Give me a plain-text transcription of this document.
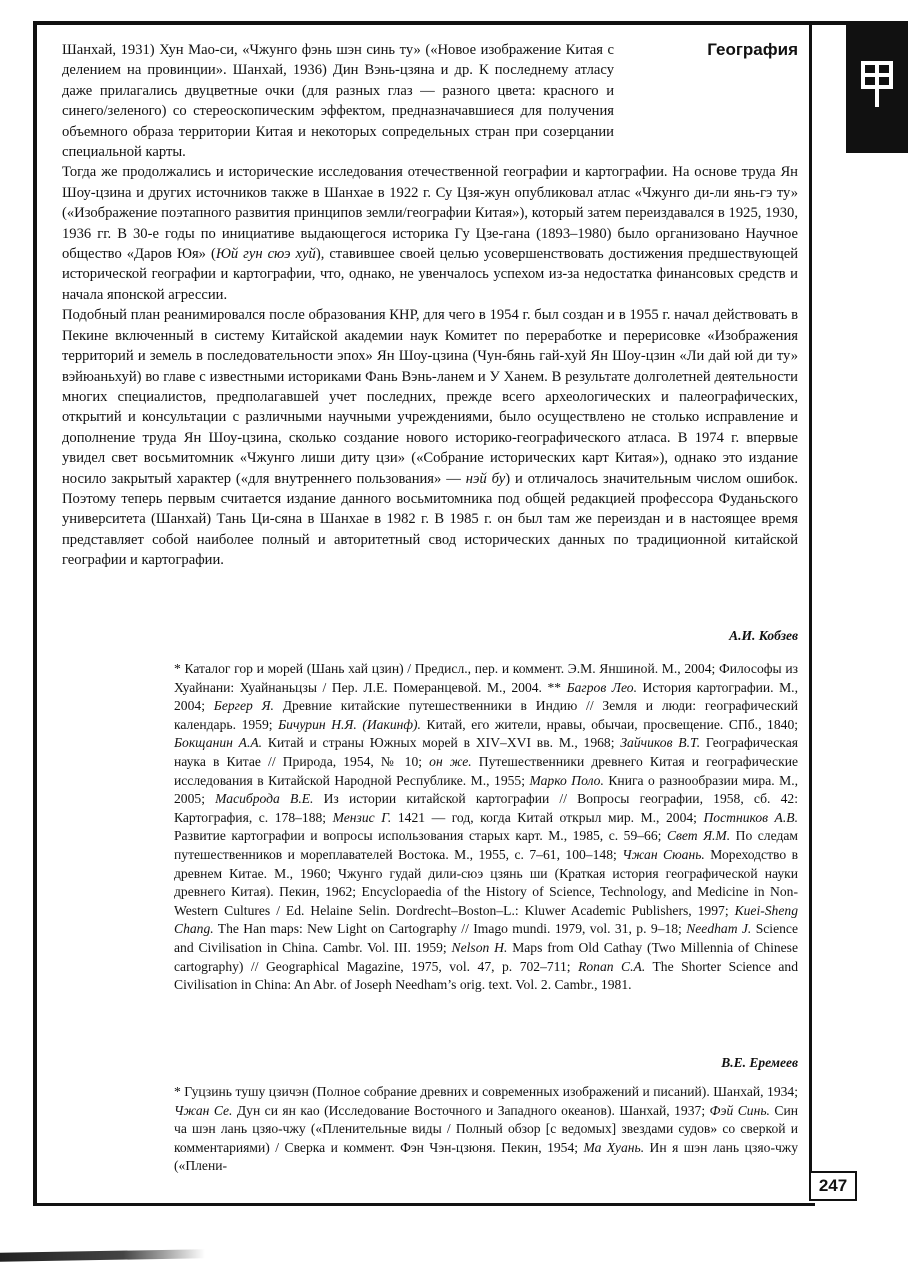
География

Шанхай, 1931) Хун Мао-си, «Чжунго фэнь шэн синь ту» («Новое изображение Китая с делением на провинции». Шанхай, 1936) Дин Вэнь-цзяна и др. К последнему атласу даже прилагались двуцветные очки (для разных глаз — разного цвета: красного и синего/зеленого) со стереоскопическим эффектом, предназначавшиеся для получения объемного образа территории Китая и некоторых сопредельных стран при созерцании специальной карты.

Тогда же продолжались и исторические исследования отечественной географии и картографии. На основе труда Ян Шоу-цзина и других источников также в Шанхае в 1922 г. Су Цзя-жун опубликовал атлас «Чжунго ди-ли янь-гэ ту» («Изображение поэтапного развития принципов земли/географии Китая»), который затем переиздавался в 1925, 1930, 1936 гг. В 30-е годы по инициативе выдающегося историка Гу Цзе-гана (1893–1980) было организовано Научное общество «Даров Юя» (Юй гун сюэ хуй), ставившее своей целью усовершенствовать достижения предшествующей исторической географии и картографии, что, однако, не увенчалось успехом из-за недостатка финансовых средств и начала японской агрессии.

Подобный план реанимировался после образования КНР, для чего в 1954 г. был создан и в 1955 г. начал действовать в Пекине включенный в систему Китайской академии наук Комитет по переработке и перерисовке «Изображения территорий и земель в последовательности эпох» Ян Шоу-цзина (Чун-бянь гай-хуй Ян Шоу-цзин «Ли дай юй ди ту» вэйюаньхуй) во главе с известными историками Фань Вэнь-ланем и У Ханем. В результате долголетней деятельности многих специалистов, предполагавшей учет последних, прежде всего археологических и палеографических, открытий и консультации с различными научными учреждениями, было осуществлено не столько исправление и дополнение труда Ян Шоу-цзина, сколько создание нового историко-географического атласа. В 1974 г. впервые увидел свет восьмитомник «Чжунго лиши диту цзи» («Собрание исторических карт Китая»), однако это издание носило закрытый характер («для внутреннего пользования» — нэй бу) и отличалось значительным числом ошибок. Поэтому теперь первым считается издание данного восьмитомника под общей редакцией профессора Фуданьского университета (Шанхай) Тань Ци-сяна в Шанхае в 1982 г. В 1985 г. он был там же переиздан и в настоящее время представляет собой наиболее полный и авторитетный свод исторических данных по традиционной китайской географии и картографии.

А.И. Кобзев

* Каталог гор и морей (Шань хай цзин) / Предисл., пер. и коммент. Э.М. Яншиной. М., 2004; Философы из Хуайнани: Хуайнаньцзы / Пер. Л.Е. Померанцевой. М., 2004. ** Багров Лео. История картографии. М., 2004; Бергер Я. Древние китайские путешественники в Индию // Земля и люди: географический календарь. 1959; Бичурин Н.Я. (Иакинф). Китай, его жители, нравы, обычаи, просвещение. СПб., 1840; Бокщанин А.А. Китай и страны Южных морей в XIV–XVI вв. М., 1968; Зайчиков В.Т. Географическая наука в Китае // Природа, 1954, № 10; он же. Путешественники древнего Китая и географические исследования в Китайской Народной Республике. М., 1955; Марко Поло. Книга о разнообразии мира. М., 2005; Масиброда В.Е. Из истории китайской картографии // Вопросы географии, 1958, сб. 42: Картография, с. 178–188; Мензис Г. 1421 — год, когда Китай открыл мир. М., 2004; Постников А.В. Развитие картографии и вопросы использования старых карт. М., 1985, с. 59–66; Свет Я.М. По следам путешественников и мореплавателей Востока. М., 1955, с. 7–61, 100–148; Чжан Сюань. Мореходство в древнем Китае. М., 1960; Чжунго гудай дили-сюэ цзянь ши (Краткая история географической науки древнего Китая). Пекин, 1962; Encyclopaedia of the History of Science, Technology, and Medicine in Non-Western Cultures / Ed. Helaine Selin. Dordrecht–Boston–L.: Kluwer Academic Publishers, 1997; Kuei-Sheng Chang. The Han maps: New Light on Cartography // Imago mundi. 1979, vol. 31, p. 9–18; Needham J. Science and Civilisation in China. Cambr. Vol. III. 1959; Nelson H. Maps from Old Cathay (Two Millennia of Chinese cartography) // Geographical Magazine, 1975, vol. 47, p. 702–711; Ronan C.A. The Shorter Science and Civilisation in China: An Abr. of Joseph Needham’s orig. text. Vol. 2. Cambr., 1981.

В.Е. Еремеев

* Гуцзинь тушу цзичэн (Полное собрание древних и современных изображений и писаний). Шанхай, 1934; Чжан Се. Дун си ян као (Исследование Восточного и Западного океанов). Шанхай, 1937; Фэй Синь. Син ча шэн лань цзяо-чжу («Пленительные виды / Полный обзор [с ведомых] звездами судов» со сверкой и комментариями) / Сверка и коммент. Фэн Чэн-цзюня. Пекин, 1954; Ма Хуань. Ин я шэн лань цзяо-чжу («Плени-

247
